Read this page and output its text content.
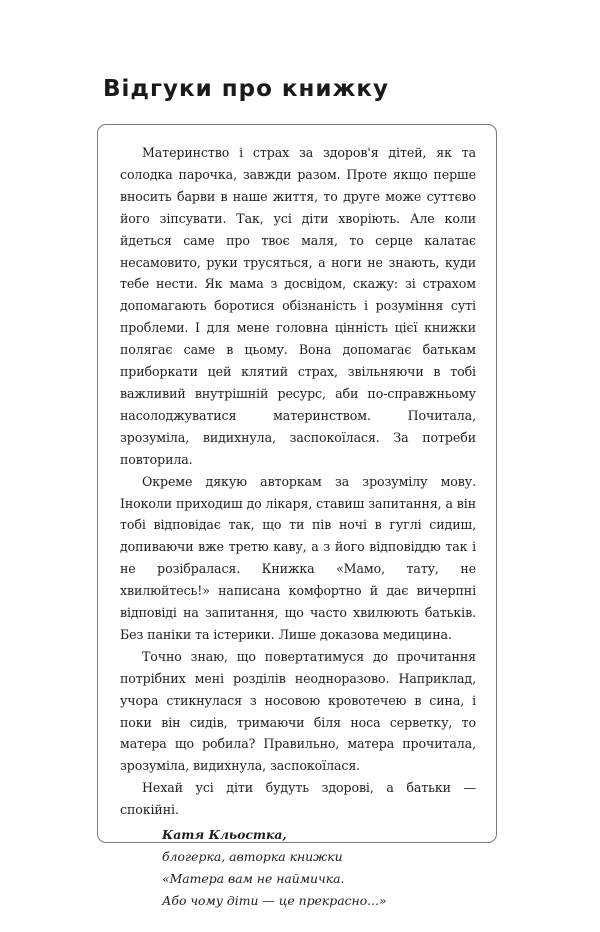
Відгуки про книжку

Материнство і страх за здоров'я дітей, як та солодка парочка, завжди разом. Проте якщо перше вносить барви в наше життя, то друге може суттєво його зіпсувати. Так, усі діти хворіють. Але коли йдеться саме про твоє маля, то серце калатає несамовито, руки трусяться, а ноги не знають, куди тебе нести. Як мама з досвідом, скажу: зі страхом допомагають боротися обізнаність і розуміння суті проблеми. І для мене головна цінність цієї книжки полягає саме в цьому. Вона допомагає батькам приборкати цей клятий страх, звільняючи в тобі важливий внутрішній ресурс, аби по-справжньому насолоджуватися материнством. Почитала, зрозуміла, видихнула, заспокоїлася. За потреби повторила.

Окреме дякую авторкам за зрозумілу мову. Іноколи приходиш до лікаря, ставиш запитання, а він тобі відповідає так, що ти пів ночі в гуглі сидиш, допиваючи вже третю каву, а з його відповіддю так і не розібралася. Книжка «Мамо, тату, не хвилюйтесь!» написана комфортно й дає вичерпні відповіді на запитання, що часто хвилюють батьків. Без паніки та істерики. Лише доказова медицина.

Точно знаю, що повертатимуся до прочитання потрібних мені розділів неодноразово. Наприклад, учора стикнулася з носовою кровотечею в сина, і поки він сидів, тримаючи біля носа серветку, то матера що робила? Правильно, матера прочитала, зрозуміла, видихнула, заспокоїлася.

Нехай усі діти будуть здорові, а батьки — спокійні.

Катя Кльостка,
блогерка, авторка книжки
«Матера вам не наймичка.
Або чому діти — це прекрасно...»
